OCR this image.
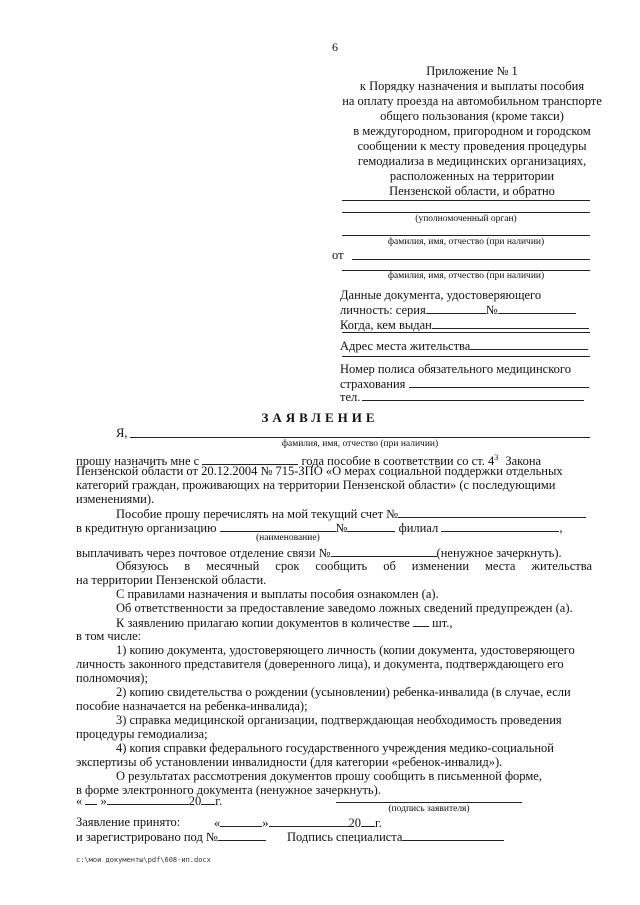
6
Приложение № 1
к Порядку назначения и выплаты пособия
на оплату проезда на автомобильном транспорте
общего пользования (кроме такси)
в междугородном, пригородном и городском
сообщении к месту проведения процедуры
гемодиализа в медицинских организациях,
расположенных на территории
Пензенской области, и обратно
(уполномоченный орган)
фамилия, имя, отчество (при наличии)
от
фамилия, имя, отчество (при наличии)
Данные документа, удостоверяющего
личность: серия	№
Когда, кем выдан
Адрес места жительства
Номер полиса обязательного медицинского
страхования
тел.
ЗАЯВЛЕНИЕ
Я,
фамилия, имя, отчество (при наличии)
прошу назначить мне с	года пособие в соответствии со ст. $4^3$ Закона
Пензенской области от 20.12.2004 № 715-ЗПО «О мерах социальной поддержки отдельных
категорий граждан, проживающих на территории Пензенской области» (с последующими
изменениями).
Пособие прошу перечислять на мой текущий счет №
в кредитную организацию	№	филиал	,
(наименование)
выплачивать через почтовое отделение связи №	(ненужное зачеркнуть).
Обязуюсь в месячный срок сообщить об изменении места жительства
на территории Пензенской области.
С правилами назначения и выплаты пособия ознакомлен (а).
Об ответственности за предоставление заведомо ложных сведений предупрежден (а).
К заявлению прилагаю копии документов в количестве шт.,
в том числе:
1) копию документа, удостоверяющего личность (копии документа, удостоверяющего
личность законного представителя (доверенного лица), и документа, подтверждающего его
полномочия);
2) копию свидетельства о рождении (усыновлении) ребенка-инвалида (в случае, если
пособие назначается на ребенка-инвалида);
3) справка медицинской организации, подтверждающая необходимость проведения
процедуры гемодиализа;
4) копия справки федерального государственного учреждения медико-социальной
экспертизы об установлении инвалидности (для категории «ребенок-инвалид»).
О результатах рассмотрения документов прошу сообщить в письменной форме,
в форме электронного документа (ненужное зачеркнуть).
« »	20 г.
(подпись заявителя)
Заявление принято:	«	»	20 г.
и зарегистрировано под №	Подпись специалиста
c:\мои документы\pdf\608-ип.docx
